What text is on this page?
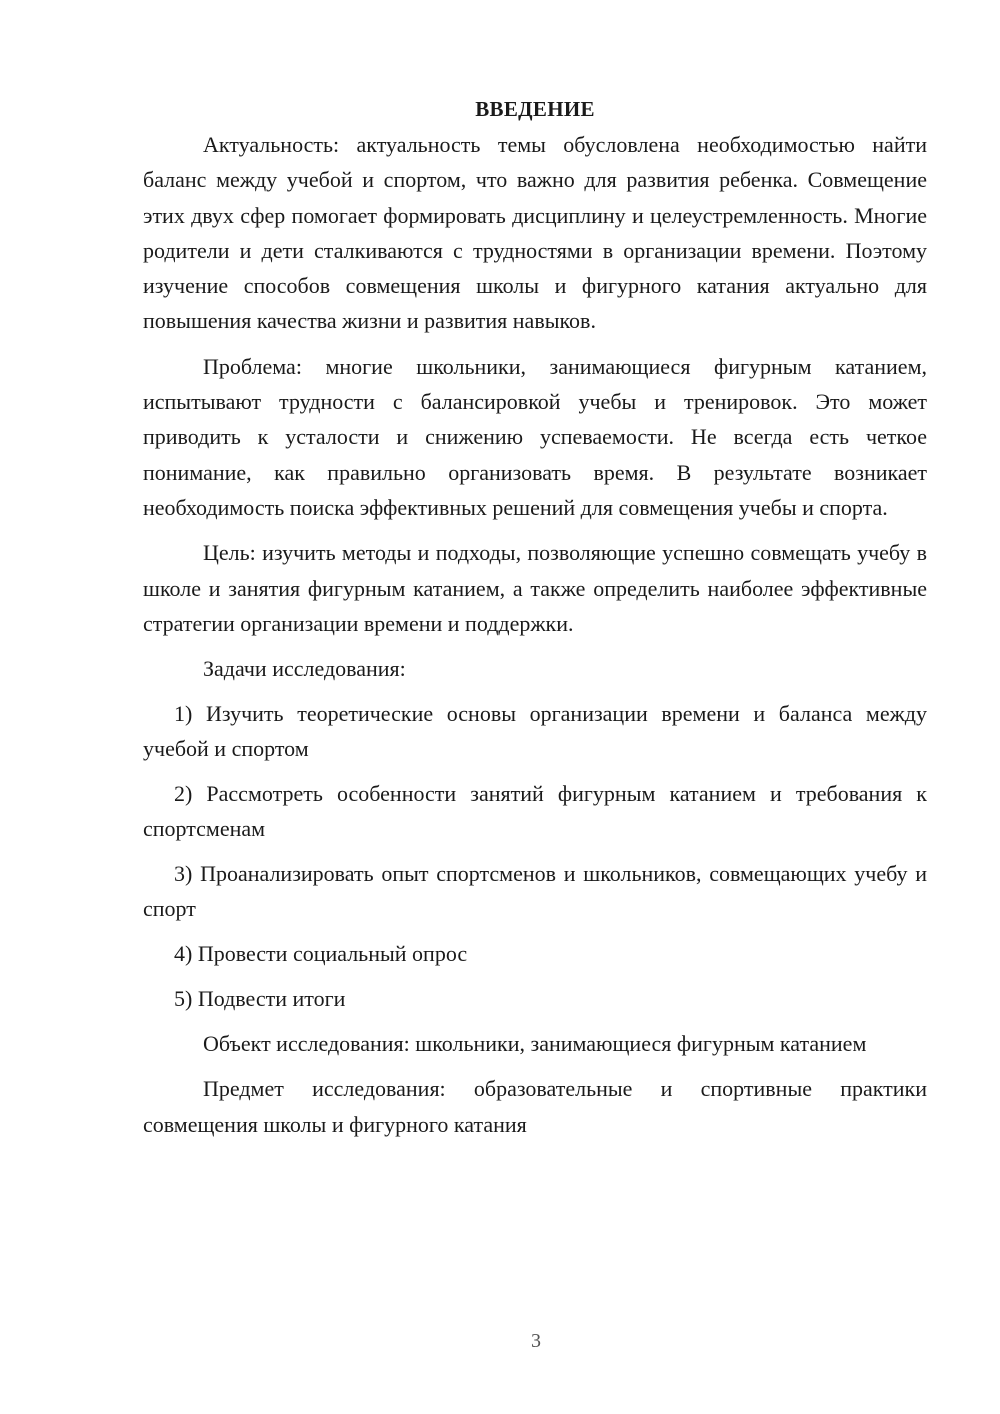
ВВЕДЕНИЕ

Актуальность: актуальность темы обусловлена необходимостью найти баланс между учебой и спортом, что важно для развития ребенка. Совмещение этих двух сфер помогает формировать дисциплину и целеустремленность. Многие родители и дети сталкиваются с трудностями в организации времени. Поэтому изучение способов совмещения школы и фигурного катания актуально для повышения качества жизни и развития навыков.

Проблема: многие школьники, занимающиеся фигурным катанием, испытывают трудности с балансировкой учебы и тренировок. Это может приводить к усталости и снижению успеваемости. Не всегда есть четкое понимание, как правильно организовать время. В результате возникает необходимость поиска эффективных решений для совмещения учебы и спорта.

Цель: изучить методы и подходы, позволяющие успешно совмещать учебу в школе и занятия фигурным катанием, а также определить наиболее эффективные стратегии организации времени и поддержки.

Задачи исследования:

1) Изучить теоретические основы организации времени и баланса между учебой и спортом

2) Рассмотреть особенности занятий фигурным катанием и требования к спортсменам

3) Проанализировать опыт спортсменов и школьников, совмещающих учебу и спорт

4) Провести социальный опрос

5) Подвести итоги

Объект исследования: школьники, занимающиеся фигурным катанием

Предмет исследования: образовательные и спортивные практики совмещения школы и фигурного катания

3
